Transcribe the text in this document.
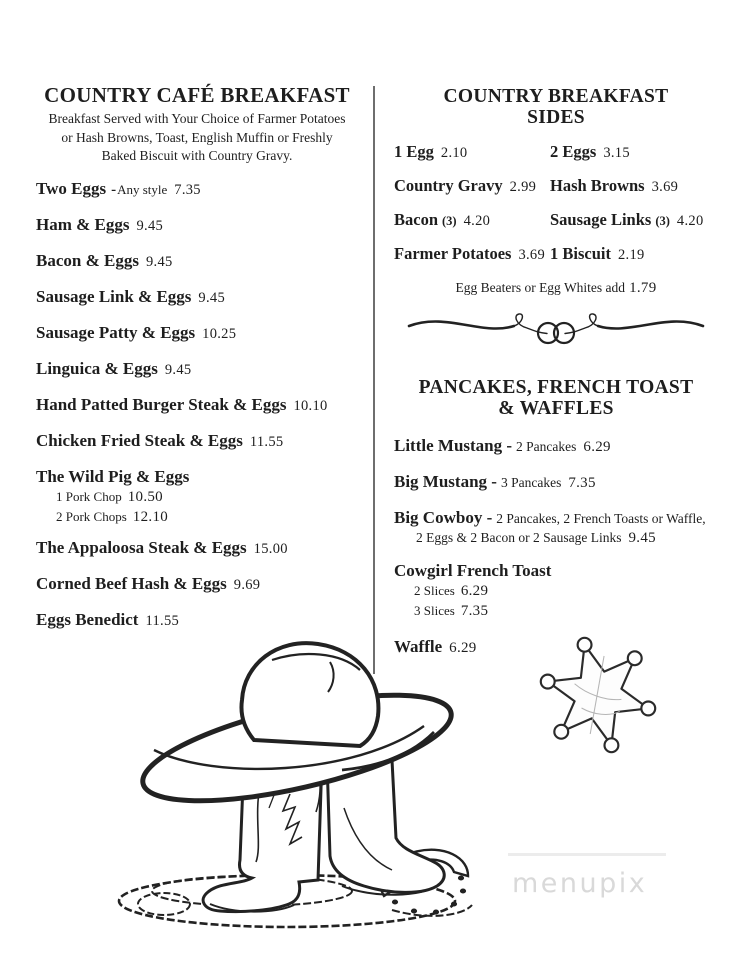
COUNTRY CAFÉ BREAKFAST
Breakfast Served with Your Choice of Farmer Potatoes
or Hash Browns, Toast, English Muffin or Freshly
Baked Biscuit with Country Gravy.
Two Eggs -Any style 7.35
Ham & Eggs 9.45
Bacon & Eggs 9.45
Sausage Link & Eggs 9.45
Sausage Patty & Eggs 10.25
Linguica & Eggs 9.45
Hand Patted Burger Steak & Eggs 10.10
Chicken Fried Steak & Eggs 11.55
The Wild Pig & Eggs
1 Pork Chop 10.50
2 Pork Chops 12.10
The Appaloosa Steak & Eggs 15.00
Corned Beef Hash & Eggs 9.69
Eggs Benedict 11.55
COUNTRY BREAKFAST
SIDES
1 Egg 2.10	2 Eggs 3.15
Country Gravy 2.99 Hash Browns 3.69
Bacon (3) 4.20	Sausage Links (3) 4.20
Farmer Potatoes 3.69 1 Biscuit 2.19
Egg Beaters or Egg Whites add 1.79
PANCAKES, FRENCH TOAST
& WAFFLES
Little Mustang - 2 Pancakes 6.29
Big Mustang - 3 Pancakes 7.35
Big Cowboy - 2 Pancakes, 2 French Toasts or Waffle,
2 Eggs & 2 Bacon or 2 Sausage Links 9.45
Cowgirl French Toast
2 Slices 6.29
3 Slices 7.35
Waffle 6.29
menupix
